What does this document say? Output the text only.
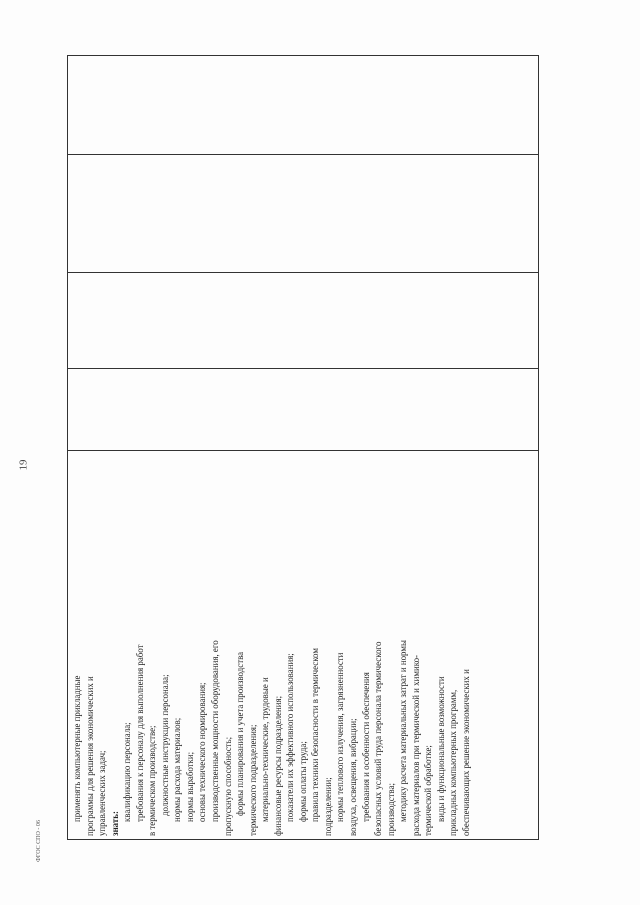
19
применять компьютерные прикладные программы для решения экономических и управленческих задач; знать:
квалификацию персонала; требования к персоналу для выполнения работ в термическом производстве; должностные инструкции персонала; нормы расхода материалов; нормы выработки; основы технического нормирования; производственные мощности оборудования, его пропускную способность; формы планирования и учета производства термического подразделения; материально-технические, трудовые и финансовые ресурсы подразделения; показатели их эффективного использования; формы оплаты труда; правила техники безопасности в термическом подразделении; нормы теплового излучения, загрязненности воздуха, освещения, вибрации; требования и особенности обеспечения безопасных условий труда персонала термического производства; методику расчета материальных затрат и нормы расхода материалов при термической и химико- термической обработке; виды и функциональные возможности прикладных компьютерных программ, обеспечивающих решение экономических и
ФГОС СПО - 06
